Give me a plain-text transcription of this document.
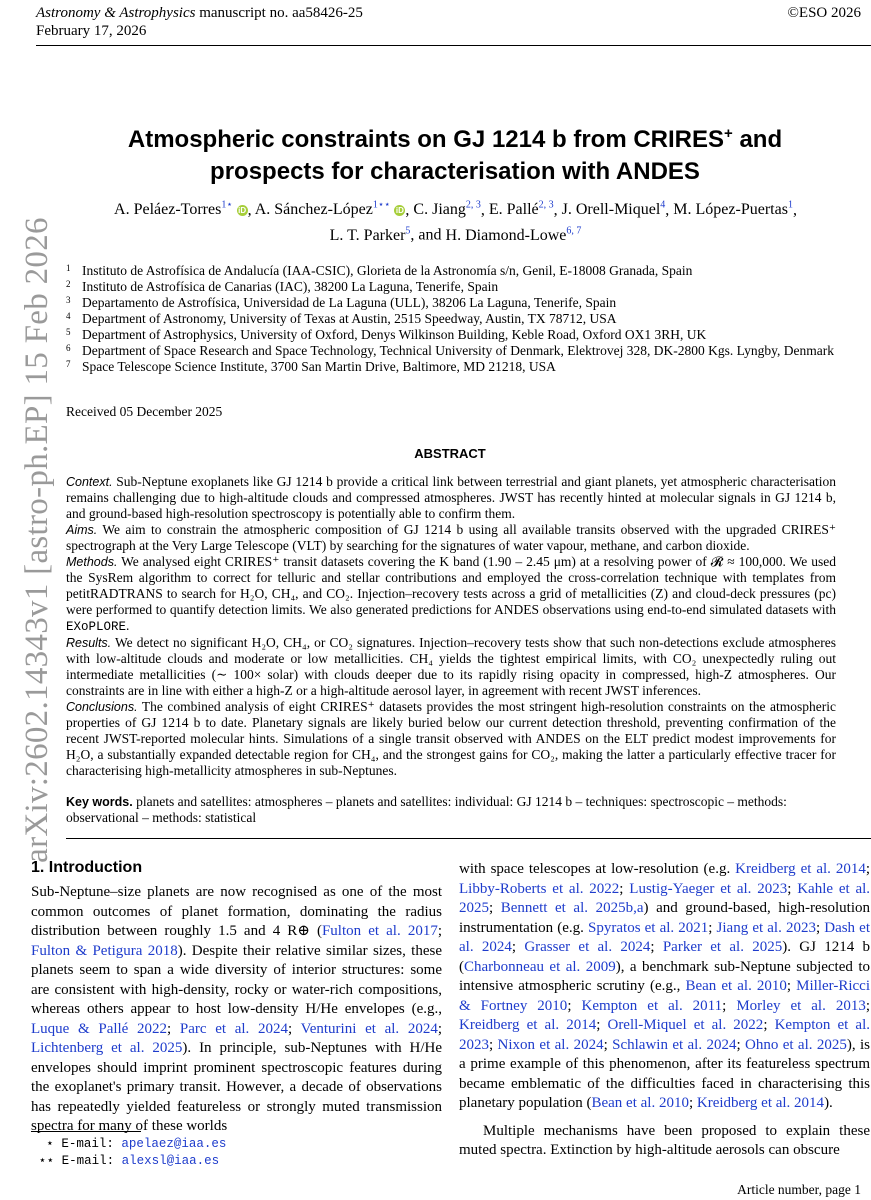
Astronomy & Astrophysics manuscript no. aa58426-25
February 17, 2026
©ESO 2026
arXiv:2602.14343v1 [astro-ph.EP] 15 Feb 2026
Atmospheric constraints on GJ 1214 b from CRIRES+ and
prospects for characterisation with ANDES
A. Peláez-Torres$^{1⋆}$ iD, A. Sánchez-López$^{1⋆⋆}$ iD, C. Jiang$^{2, 3}$, E. Pallé$^{2, 3}$, J. Orell-Miquel$^4$, M. López-Puertas$^1$,
L. T. Parker$^5$, and H. Diamond-Lowe$^{6, 7}$
1 Instituto de Astrofísica de Andalucía (IAA-CSIC), Glorieta de la Astronomía s/n, Genil, E-18008 Granada, Spain
2 Instituto de Astrofísica de Canarias (IAC), 38200 La Laguna, Tenerife, Spain
3 Departamento de Astrofísica, Universidad de La Laguna (ULL), 38206 La Laguna, Tenerife, Spain
4 Department of Astronomy, University of Texas at Austin, 2515 Speedway, Austin, TX 78712, USA
5 Department of Astrophysics, University of Oxford, Denys Wilkinson Building, Keble Road, Oxford OX1 3RH, UK
6 Department of Space Research and Space Technology, Technical University of Denmark, Elektrovej 328, DK-2800 Kgs. Lyngby, Denmark
7 Space Telescope Science Institute, 3700 San Martin Drive, Baltimore, MD 21218, USA
Received 05 December 2025
ABSTRACT

Context. Sub-Neptune exoplanets like GJ 1214 b provide a critical link between terrestrial and giant planets, yet atmospheric characterisation remains challenging due to high-altitude clouds and compressed atmospheres. JWST has recently hinted at molecular signals in GJ 1214 b, and ground-based high-resolution spectroscopy is potentially able to confirm them.

Aims. We aim to constrain the atmospheric composition of GJ 1214 b using all available transits observed with the upgraded CRIRES⁺ spectrograph at the Very Large Telescope (VLT) by searching for the signatures of water vapour, methane, and carbon dioxide.

Methods. We analysed eight CRIRES⁺ transit datasets covering the K band (1.90 – 2.45 μm) at a resolving power of 𝓡 ≈ 100,000. We used the SysRem algorithm to correct for telluric and stellar contributions and employed the cross-correlation technique with templates from petitRADTRANS to search for H₂O, CH₄, and CO₂. Injection–recovery tests across a grid of metallicities (Z) and cloud-deck pressures (pc) were performed to quantify detection limits. We also generated predictions for ANDES observations using end-to-end simulated datasets with EXoPLORE.

Results. We detect no significant H₂O, CH₄, or CO₂ signatures. Injection–recovery tests show that such non-detections exclude atmospheres with low-altitude clouds and moderate or low metallicities. CH₄ yields the tightest empirical limits, with CO₂ unexpectedly ruling out intermediate metallicities (∼ 100× solar) with clouds deeper due to its rapidly rising opacity in compressed, high-Z atmospheres. Our constraints are in line with either a high-Z or a high-altitude aerosol layer, in agreement with recent JWST inferences.

Conclusions. The combined analysis of eight CRIRES⁺ datasets provides the most stringent high-resolution constraints on the atmospheric properties of GJ 1214 b to date. Planetary signals are likely buried below our current detection threshold, preventing confirmation of the recent JWST-reported molecular hints. Simulations of a single transit observed with ANDES on the ELT predict modest improvements for H₂O, a substantially expanded detectable region for CH₄, and the strongest gains for CO₂, making the latter a particularly effective tracer for characterising high-metallicity atmospheres in sub-Neptunes.

Key words. planets and satellites: atmospheres – planets and satellites: individual: GJ 1214 b – techniques: spectroscopic – methods: observational – methods: statistical
1. Introduction

Sub-Neptune–size planets are now recognised as one of the most common outcomes of planet formation, dominating the radius distribution between roughly 1.5 and 4 R⊕ (Fulton et al. 2017; Fulton & Petigura 2018). Despite their relative similar sizes, these planets seem to span a wide diversity of interior structures: some are consistent with high-density, rocky or water-rich compositions, whereas others appear to host low-density H/He envelopes (e.g., Luque & Pallé 2022; Parc et al. 2024; Venturini et al. 2024; Lichtenberg et al. 2025). In principle, sub-Neptunes with H/He envelopes should imprint prominent spectroscopic features during the exoplanet's primary transit. However, a decade of observations has repeatedly yielded featureless or strongly muted transmission spectra for many of these worlds

with space telescopes at low-resolution (e.g. Kreidberg et al. 2014; Libby-Roberts et al. 2022; Lustig-Yaeger et al. 2023; Kahle et al. 2025; Bennett et al. 2025b,a) and ground-based, high-resolution instrumentation (e.g. Spyratos et al. 2021; Jiang et al. 2023; Dash et al. 2024; Grasser et al. 2024; Parker et al. 2025). GJ 1214 b (Charbonneau et al. 2009), a benchmark sub-Neptune subjected to intensive atmospheric scrutiny (e.g., Bean et al. 2010; Miller-Ricci & Fortney 2010; Kempton et al. 2011; Morley et al. 2013; Kreidberg et al. 2014; Orell-Miquel et al. 2022; Kempton et al. 2023; Nixon et al. 2024; Schlawin et al. 2024; Ohno et al. 2025), is a prime example of this phenomenon, after its featureless spectrum became emblematic of the difficulties faced in characterising this planetary population (Bean et al. 2010; Kreidberg et al. 2014).

Multiple mechanisms have been proposed to explain these muted spectra. Extinction by high-altitude aerosols can obscure

⋆ E-mail: apelaez@iaa.es
⋆⋆ E-mail: alexsl@iaa.es
Article number, page 1
